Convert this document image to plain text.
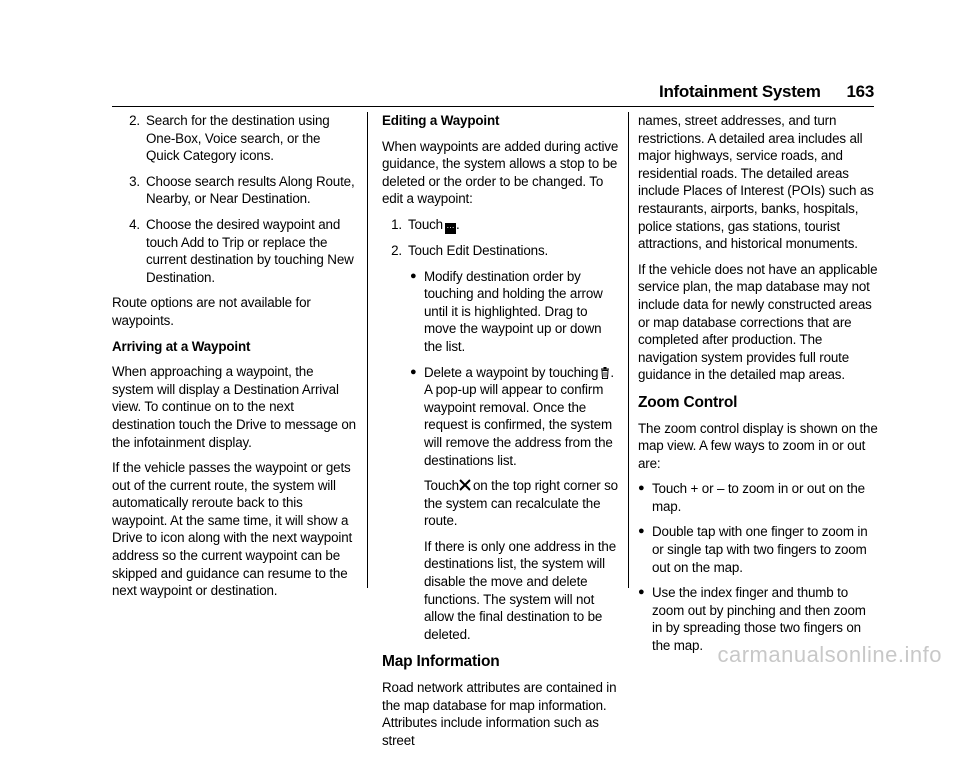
Infotainment System 163
2. Search for the destination using One-Box, Voice search, or the Quick Category icons.
3. Choose search results Along Route, Nearby, or Near Destination.
4. Choose the desired waypoint and touch Add to Trip or replace the current destination by touching New Destination.

Route options are not available for waypoints.

Arriving at a Waypoint

When approaching a waypoint, the system will display a Destination Arrival view. To continue on to the next destination touch the Drive to message on the infotainment display.

If the vehicle passes the waypoint or gets out of the current route, the system will automatically reroute back to this waypoint. At the same time, it will show a Drive to icon along with the next waypoint address so the current waypoint can be skipped and guidance can resume to the next waypoint or destination.

Editing a Waypoint

When waypoints are added during active guidance, the system allows a stop to be deleted or the order to be changed. To edit a waypoint:

1. Touch ⋯ .
2. Touch Edit Destinations.
● Modify destination order by touching and holding the arrow until it is highlighted. Drag to move the waypoint up or down the list.
● Delete a waypoint by touching .
A pop-up will appear to confirm waypoint removal. Once the request is confirmed, the system will remove the address from the destinations list.

Touch on the top right corner so the system can recalculate the route.

If there is only one address in the destinations list, the system will disable the move and delete functions. The system will not allow the final destination to be deleted.

Map Information

Road network attributes are contained in the map database for map information. Attributes include information such as street

names, street addresses, and turn restrictions. A detailed area includes all major highways, service roads, and residential roads. The detailed areas include Places of Interest (POIs) such as restaurants, airports, banks, hospitals, police stations, gas stations, tourist attractions, and historical monuments.

If the vehicle does not have an applicable service plan, the map database may not include data for newly constructed areas or map database corrections that are completed after production. The navigation system provides full route guidance in the detailed map areas.

Zoom Control

The zoom control display is shown on the map view. A few ways to zoom in or out are:

● Touch + or – to zoom in or out on the map.
● Double tap with one finger to zoom in or single tap with two fingers to zoom out on the map.
● Use the index finger and thumb to zoom out by pinching and then zoom in by spreading those two fingers on the map. carmanualsonline.info
